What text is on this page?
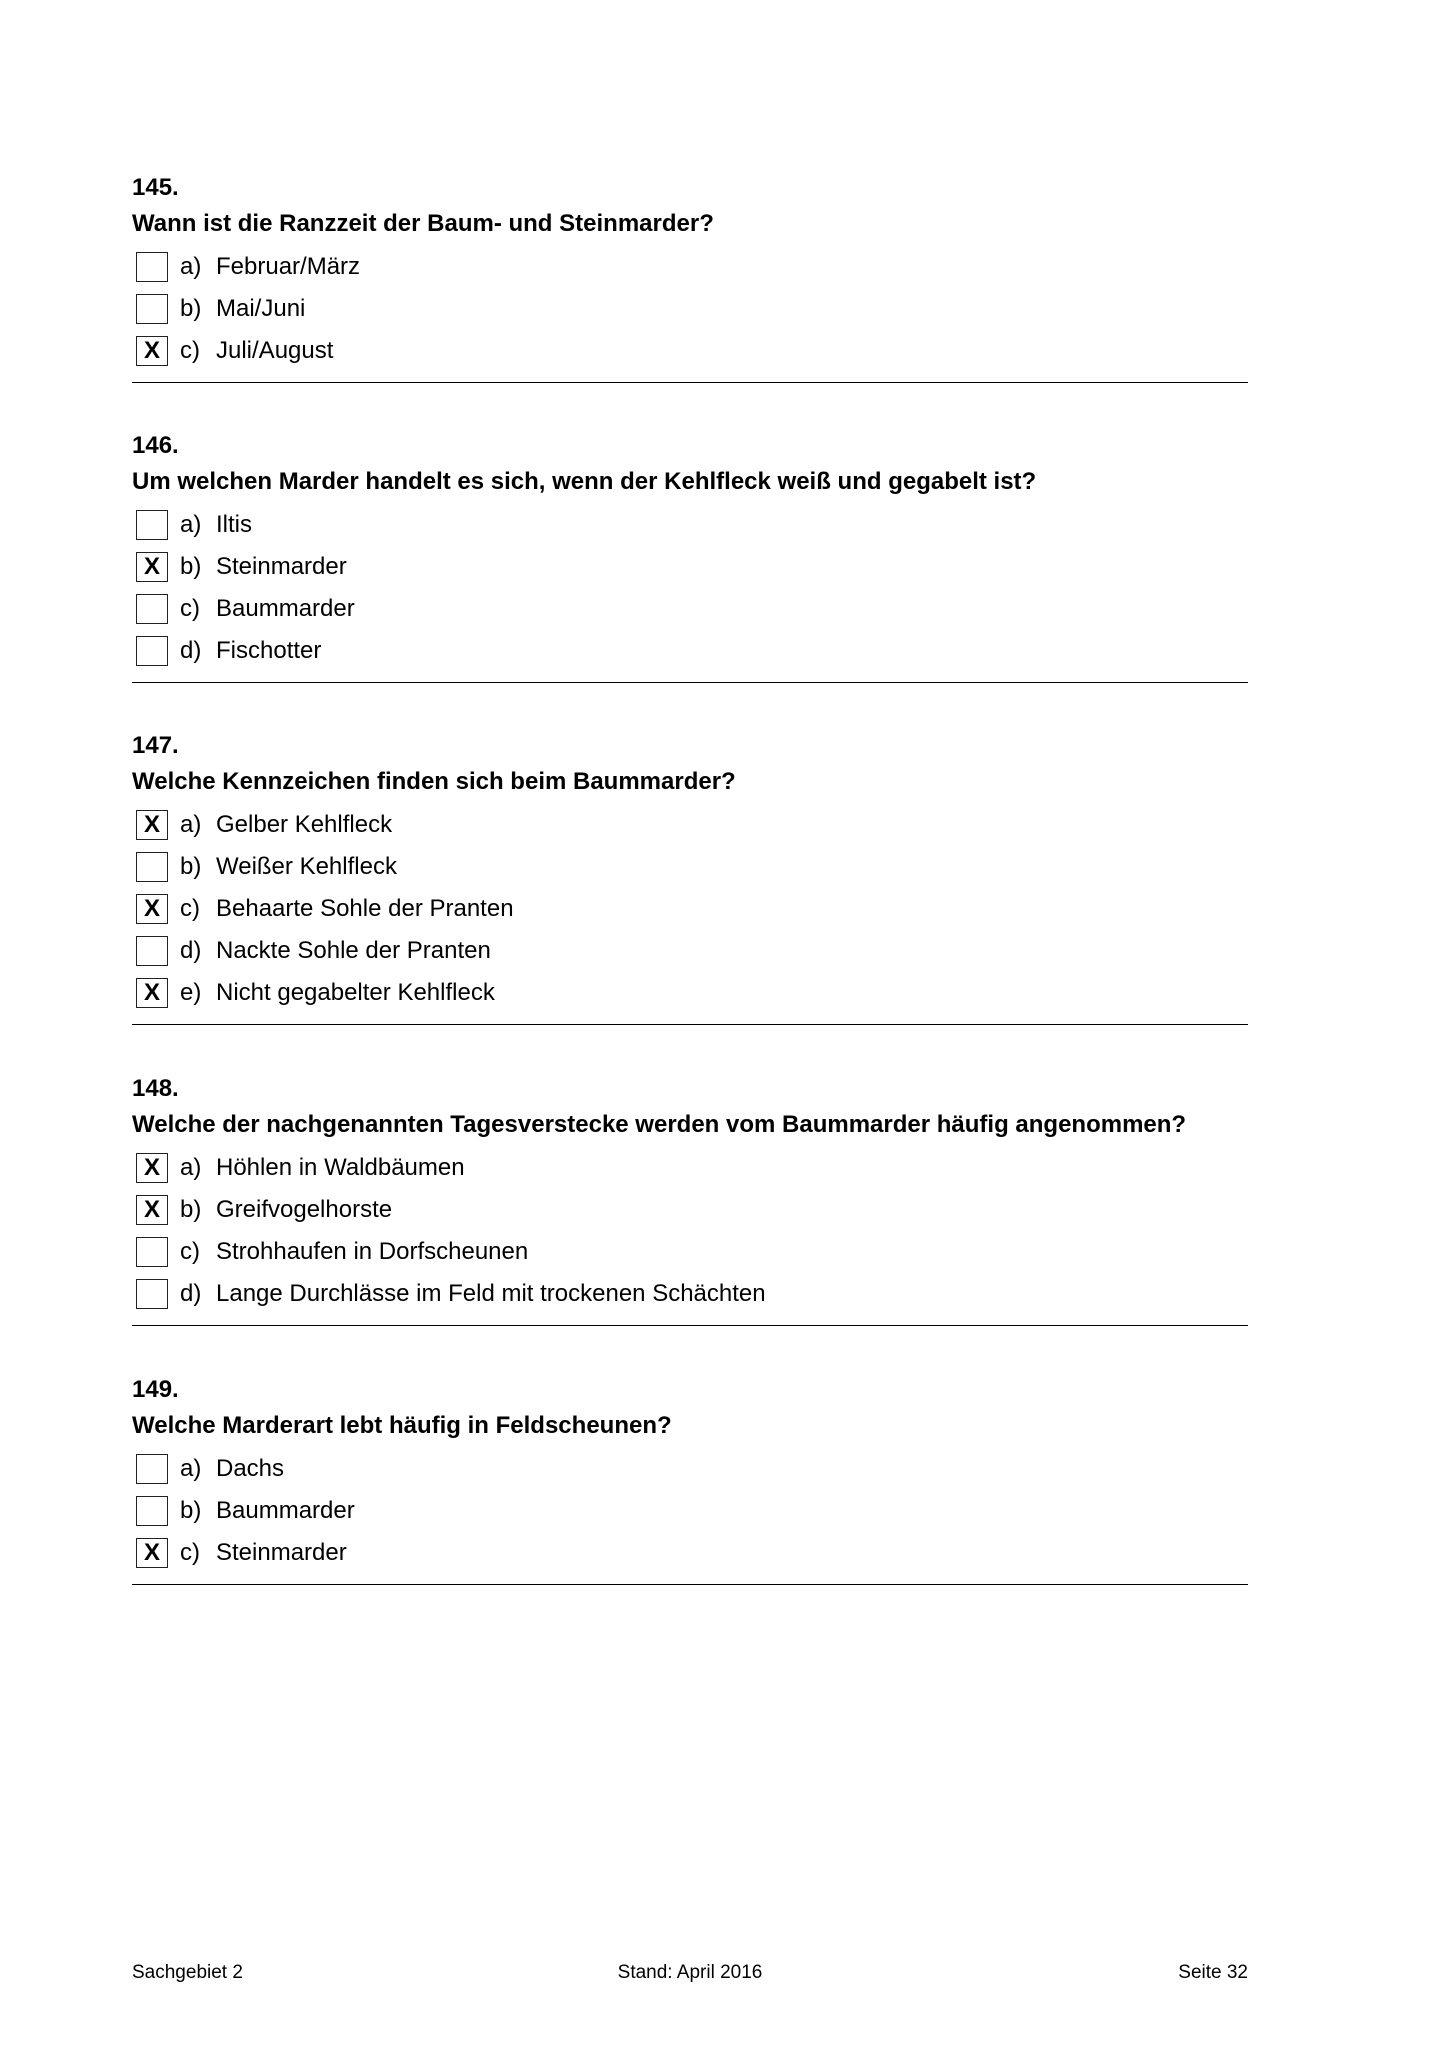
145.
Wann ist die Ranzzeit der Baum- und Steinmarder?
a) Februar/März
b) Mai/Juni
X c) Juli/August
146.
Um welchen Marder handelt es sich, wenn der Kehlfleck weiß und gegabelt ist?
a) Iltis
X b) Steinmarder
c) Baummarder
d) Fischotter
147.
Welche Kennzeichen finden sich beim Baummarder?
X a) Gelber Kehlfleck
b) Weißer Kehlfleck
X c) Behaarte Sohle der Pranten
d) Nackte Sohle der Pranten
X e) Nicht gegabelter Kehlfleck
148.
Welche der nachgenannten Tagesverstecke werden vom Baummarder häufig angenommen?
X a) Höhlen in Waldbäumen
X b) Greifvogelhorste
c) Strohhaufen in Dorfscheunen
d) Lange Durchlässe im Feld mit trockenen Schächten
149.
Welche Marderart lebt häufig in Feldscheunen?
a) Dachs
b) Baummarder
X c) Steinmarder
Sachgebiet 2	Stand: April 2016	Seite 32
